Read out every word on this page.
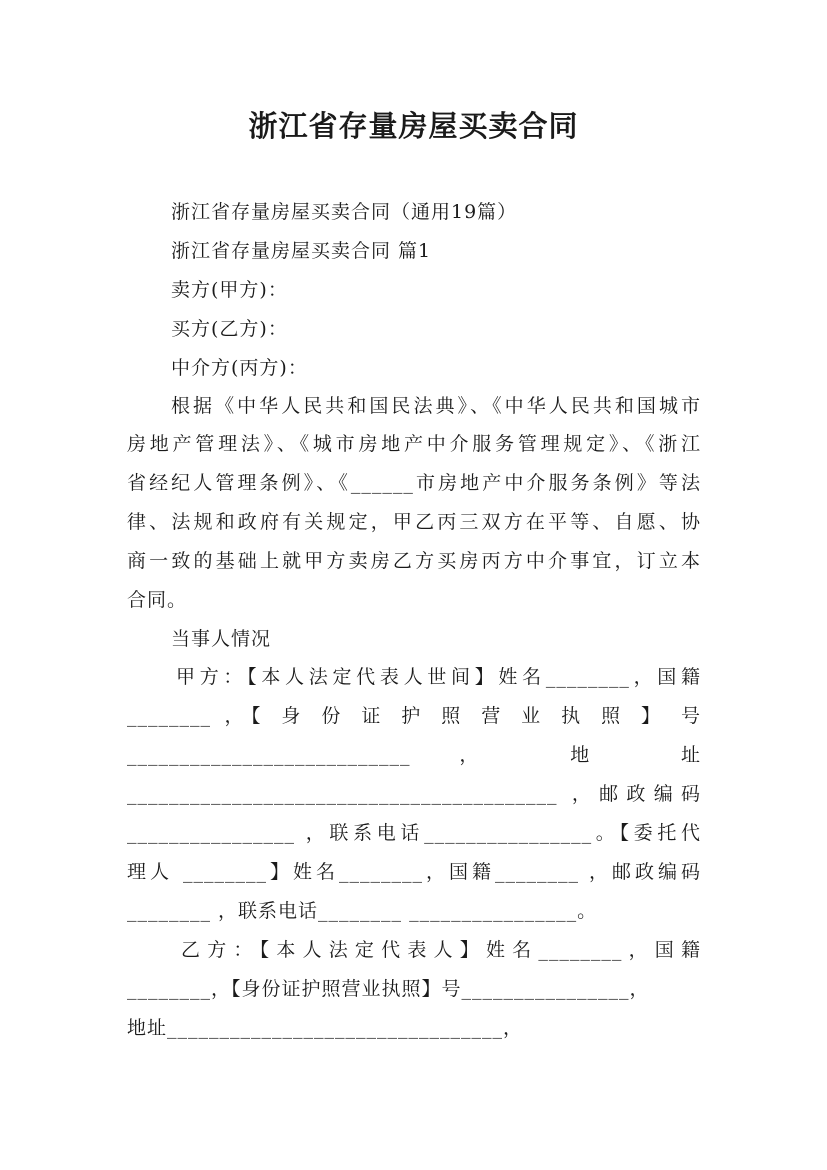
浙江省存量房屋买卖合同

浙江省存量房屋买卖合同（通用19篇）

浙江省存量房屋买卖合同 篇1

卖方(甲方)：

买方(乙方)：

中介方(丙方)：

根据《中华人民共和国民法典》、《中华人民共和国城市

房地产管理法》、《城市房地产中介服务管理规定》、《浙江

省经纪人管理条例》、《______市房地产中介服务条例》等法

律、法规和政府有关规定，甲乙丙三双方在平等、自愿、协

商一致的基础上就甲方卖房乙方买房丙方中介事宜，订立本

合同。

当事人情况

甲方：【本人法定代表人世间】姓名________，国籍

________ ，【 身 份 证 护 照 营 业 执 照 】 号

___________________________ ， 地 址

_________________________________________ ，邮政编码

________________ ，联系电话________________。【委托代

理人 ________】姓名________，国籍________ ，邮政编码

________ ，联系电话________ ________________。

乙方：【本人法定代表人】姓名________，国籍

________，【身份证护照营业执照】号________________，

地址________________________________，
